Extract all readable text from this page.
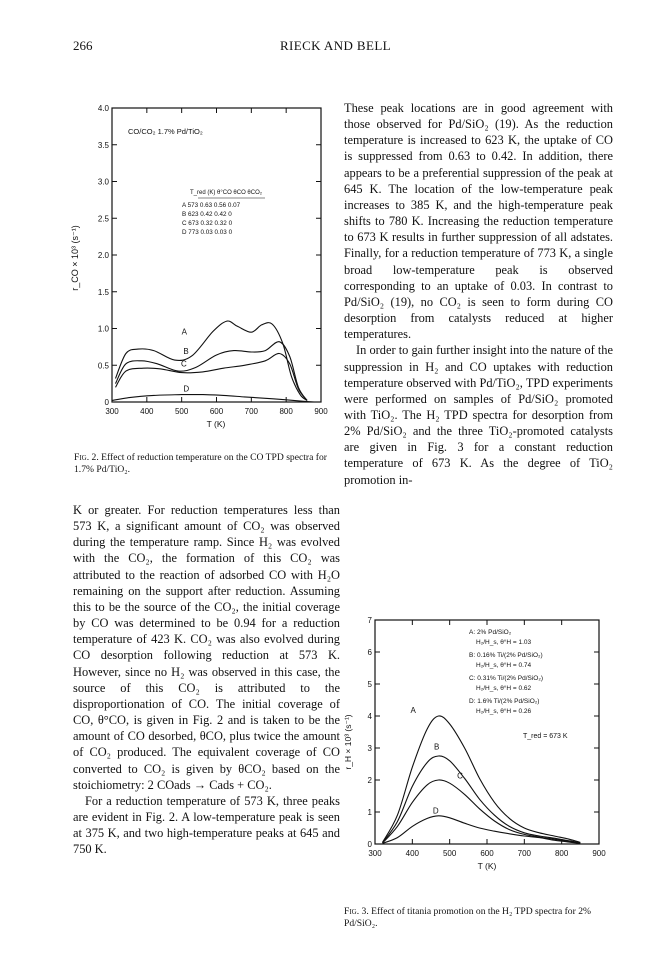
266	RIECK AND BELL
300	400	500	600	700	800	900
0
0.5
1.0
1.5
2.0
2.5
3.0
3.5
4.0
CO/CO₂ 1.7% Pd/TiO₂
T_red (K) θ°CO θCO θCO₂
A 573 0.63 0.56 0.07
B 623 0.42 0.42 0
C 673 0.32 0.32 0
D 773 0.03 0.03 0
A
B
C
D
r_CO × 10³ (s⁻¹)
T (K)
Fig. 2. Effect of reduction temperature on the CO TPD spectra for 1.7% Pd/TiO₂.

K or greater. For reduction temperatures less than 573 K, a significant amount of CO₂ was observed during the temperature ramp. Since H₂ was evolved with the CO₂, the formation of this CO₂ was attributed to the reaction of adsorbed CO with H₂O remaining on the support after reduction. Assuming this to be the source of the CO₂, the initial coverage by CO was determined to be 0.94 for a reduction temperature of 423 K. CO₂ was also evolved during CO desorption following reduction at 573 K. However, since no H₂ was observed in this case, the source of this CO₂ is attributed to the disproportionation of CO. The initial coverage of CO, θ°CO, is given in Fig. 2 and is taken to be the amount of CO desorbed, θCO, plus twice the amount of CO₂ produced. The equivalent coverage of CO converted to CO₂ is given by θCO₂ based on the stoichiometry: 2 COads → Cads + CO₂.

For a reduction temperature of 573 K, three peaks are evident in Fig. 2. A low-temperature peak is seen at 375 K, and two high-temperature peaks at 645 and 750 K.

These peak locations are in good agreement with those observed for Pd/SiO₂ (19). As the reduction temperature is increased to 623 K, the uptake of CO is suppressed from 0.63 to 0.42. In addition, there appears to be a preferential suppression of the peak at 645 K. The location of the low-temperature peak increases to 385 K, and the high-temperature peak shifts to 780 K. Increasing the reduction temperature to 673 K results in further suppression of all adstates. Finally, for a reduction temperature of 773 K, a single broad low-temperature peak is observed corresponding to an uptake of 0.03. In contrast to Pd/SiO₂ (19), no CO₂ is seen to form during CO desorption from catalysts reduced at higher temperatures.

In order to gain further insight into the nature of the suppression in H₂ and CO uptakes with reduction temperature observed with Pd/TiO₂, TPD experiments were performed on samples of Pd/SiO₂ promoted with TiO₂. The H₂ TPD spectra for desorption from 2% Pd/SiO₂ and the three TiO₂-promoted catalysts are given in Fig. 3 for a constant reduction temperature of 673 K. As the degree of TiO₂ promotion in-

300	400	500	600	700	800	900
0
1
2
3
4
5
6
7
A: 2% Pd/SiO₂
H₂/H_s, θ°H = 1.03
B: 0.16% Ti/(2% Pd/SiO₂)
H₂/H_s, θ°H = 0.74
C: 0.31% Ti/(2% Pd/SiO₂)
H₂/H_s, θ°H = 0.62
D: 1.6% Ti/(2% Pd/SiO₂)
H₂/H_s, θ°H = 0.26
T_red = 673 K
A
B
C
D
r_H × 10³ (s⁻¹)
T (K)
Fig. 3. Effect of titania promotion on the H₂ TPD spectra for 2% Pd/SiO₂.
